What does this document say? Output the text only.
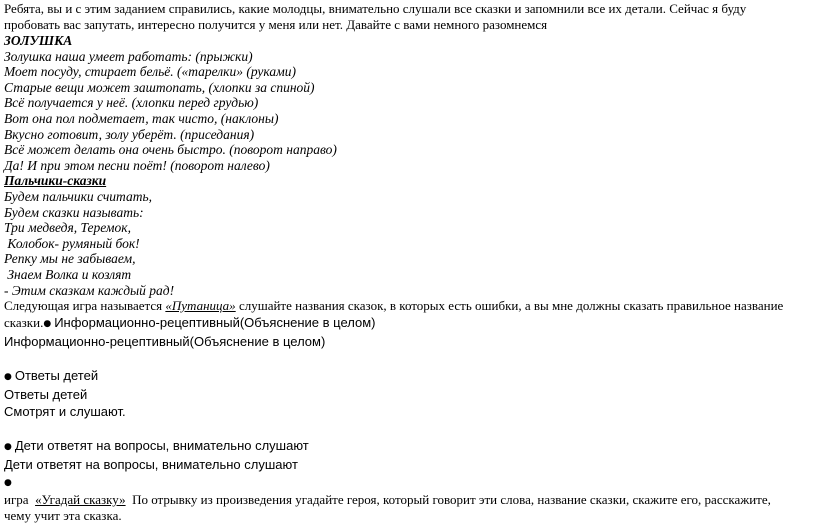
Ребята, вы и с этим заданием справились, какие молодцы, внимательно слушали все сказки и запомнили все их детали. Сейчас я буду пробовать вас запутать, интересно получится у меня или нет. Давайте с вами немного разомнемся
ЗОЛУШКА
Золушка наша умеет работать: (прыжки)
Моет посуду, стирает бельё. («тарелки» (руками)
Старые вещи может заштопать, (хлопки за спиной)
Всё получается у неё. (хлопки перед грудью)
Вот она пол подметает, так чисто, (наклоны)
Вкусно готовит, золу уберёт. (приседания)
Всё может делать она очень быстро. (поворот направо)
Да! И при этом песни поёт! (поворот налево)
Пальчики-сказки
Будем пальчики считать,
Будем сказки называть:
Три медведя, Теремок,
Колобок- румяный бок!
Репку мы не забываем,
Знаем Волка и козлят
- Этим сказкам каждый рад!
Следующая игра называется «Путаница» слушайте названия сказок, в которых есть ошибки, а вы мне должны сказать правильное название сказки.● Информационно-рецептивный(Объяснение в целом)
Информационно-рецептивный(Объяснение в целом)
● Ответы детей
Ответы детей
Смотрят и слушают.
● Дети ответят на вопросы, внимательно слушают
Дети ответят на вопросы, внимательно слушают
●
игра  «Угадай сказку»  По отрывку из произведения угадайте героя, который говорит эти слова, название сказки, скажите его, расскажите, чему учит эта сказка.
